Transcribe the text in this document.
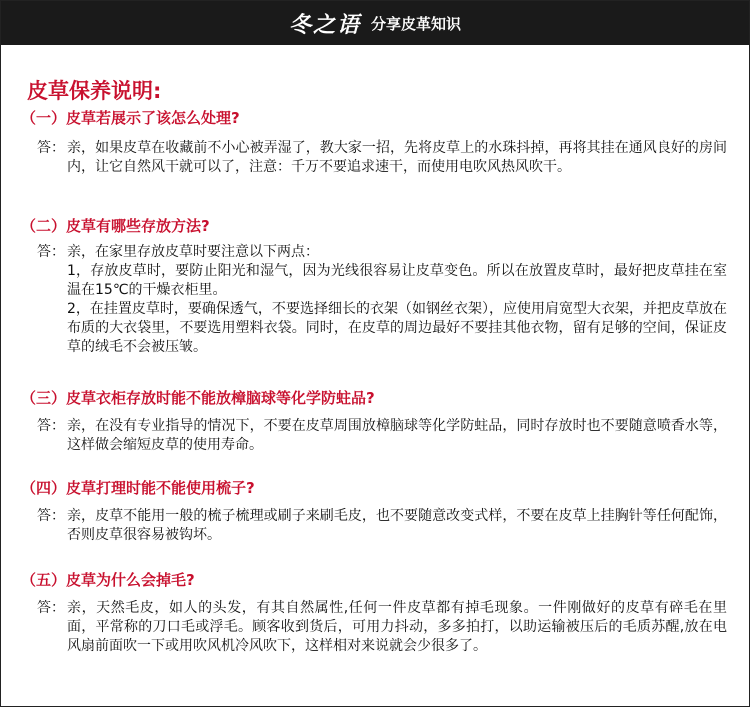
冬之语 分享皮革知识
皮草保养说明:
（一）皮草若展示了该怎么处理?
答： 亲，如果皮草在收藏前不小心被弄湿了，教大家一招，先将皮草上的水珠抖掉，再将其挂在通风良好的房间内，让它自然风干就可以了，注意：千万不要追求速干，而使用电吹风热风吹干。
（二）皮草有哪些存放方法?
答： 亲，在家里存放皮草时要注意以下两点：
1，存放皮草时，要防止阳光和湿气，因为光线很容易让皮草变色。所以在放置皮草时，最好把皮草挂在室温在15℃的干燥衣柜里。
2，在挂置皮草时，要确保透气，不要选择细长的衣架（如钢丝衣架），应使用肩宽型大衣架，并把皮草放在布质的大衣袋里，不要选用塑料衣袋。同时，在皮草的周边最好不要挂其他衣物，留有足够的空间，保证皮草的绒毛不会被压皱。
（三）皮草衣柜存放时能不能放樟脑球等化学防蛀品?
答： 亲，在没有专业指导的情况下，不要在皮草周围放樟脑球等化学防蛀品，同时存放时也不要随意喷香水等，这样做会缩短皮草的使用寿命。
（四）皮草打理时能不能使用梳子?
答： 亲，皮草不能用一般的梳子梳理或刷子来刷毛皮，也不要随意改变式样，不要在皮草上挂胸针等任何配饰，否则皮草很容易被钩坏。
（五）皮草为什么会掉毛?
答： 亲，天然毛皮，如人的头发，有其自然属性,任何一件皮草都有掉毛现象。一件刚做好的皮草有碎毛在里面，平常称的刀口毛或浮毛。顾客收到货后，可用力抖动，多多拍打，以助运输被压后的毛质苏醒,放在电风扇前面吹一下或用吹风机冷风吹下，这样相对来说就会少很多了。
